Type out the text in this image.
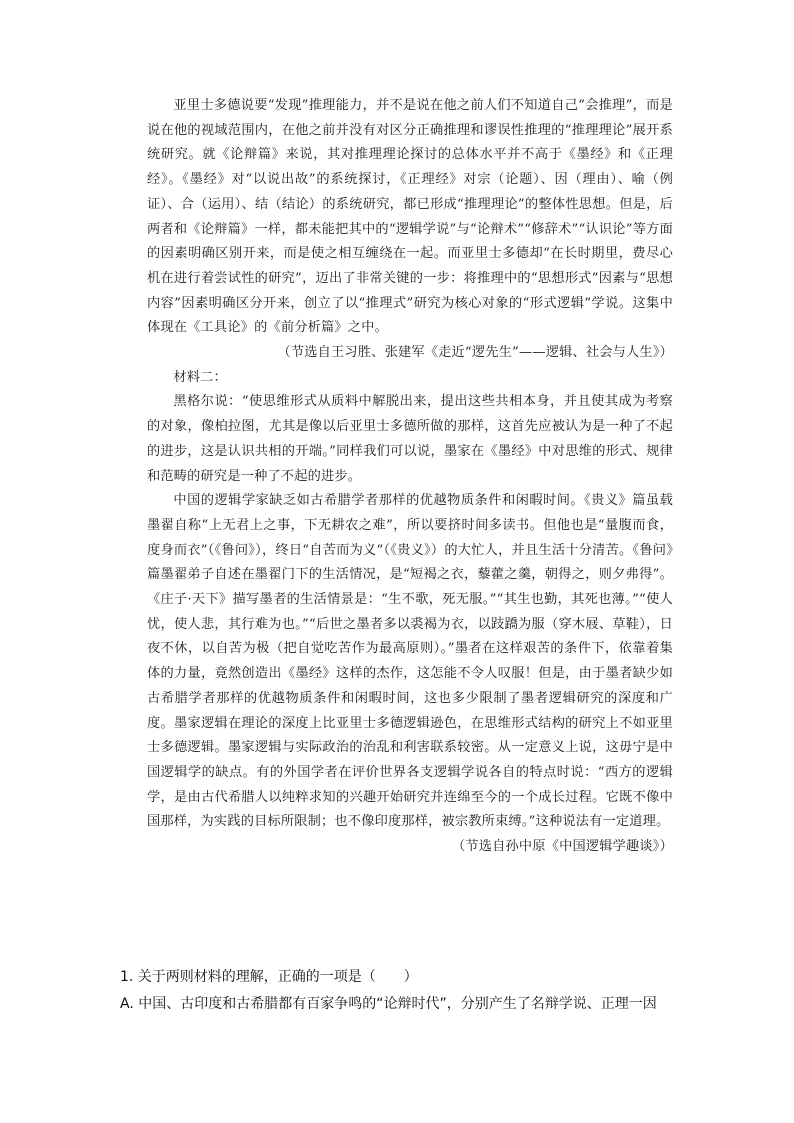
亚里士多德说要“发现”推理能力，并不是说在他之前人们不知道自己“会推理”，而是说在他的视域范围内，在他之前并没有对区分正确推理和谬误性推理的“推理理论”展开系统研究。就《论辩篇》来说，其对推理理论探讨的总体水平并不高于《墨经》和《正理经》。《墨经》对“以说出故”的系统探讨，《正理经》对宗（论题）、因（理由）、喻（例证）、合（运用）、结（结论）的系统研究，都已形成“推理理论”的整体性思想。但是，后两者和《论辩篇》一样，都未能把其中的“逻辑学说”与“论辩术”“修辞术”“认识论”等方面的因素明确区别开来，而是使之相互缠绕在一起。而亚里士多德却“在长时期里，费尽心机在进行着尝试性的研究”，迈出了非常关键的一步：将推理中的“思想形式”因素与“思想内容”因素明确区分开来，创立了以“推理式”研究为核心对象的“形式逻辑”学说。这集中体现在《工具论》的《前分析篇》之中。

（节选自王习胜、张建军《走近“逻先生”——逻辑、社会与人生》）

材料二：

黑格尔说：“使思维形式从质料中解脱出来，提出这些共相本身，并且使其成为考察的对象，像柏拉图，尤其是像以后亚里士多德所做的那样，这首先应被认为是一种了不起的进步，这是认识共相的开端。”同样我们可以说，墨家在《墨经》中对思维的形式、规律和范畴的研究是一种了不起的进步。

中国的逻辑学家缺乏如古希腊学者那样的优越物质条件和闲暇时间。《贵义》篇虽载墨翟自称“上无君上之事，下无耕农之难”，所以要挤时间多读书。但他也是“量腹而食，度身而衣”（《鲁问》），终日“自苦而为义”（《贵义》）的大忙人，并且生活十分清苦。《鲁问》篇墨翟弟子自述在墨翟门下的生活情况，是“短褐之衣，藜藿之羹，朝得之，则夕弗得”。《庄子·天下》描写墨者的生活情景是：“生不歌，死无服。”“其生也勤，其死也薄。”“使人忧，使人悲，其行难为也。”“后世之墨者多以裘褐为衣，以跂蹻为服（穿木屐、草鞋），日夜不休，以自苦为极（把自觉吃苦作为最高原则）。”墨者在这样艰苦的条件下，依靠着集体的力量，竟然创造出《墨经》这样的杰作，这怎能不令人叹服！但是，由于墨者缺少如古希腊学者那样的优越物质条件和闲暇时间，这也多少限制了墨者逻辑研究的深度和广度。墨家逻辑在理论的深度上比亚里士多德逻辑逊色，在思维形式结构的研究上不如亚里士多德逻辑。墨家逻辑与实际政治的治乱和利害联系较密。从一定意义上说，这毋宁是中国逻辑学的缺点。有的外国学者在评价世界各支逻辑学说各自的特点时说：“西方的逻辑学，是由古代希腊人以纯粹求知的兴趣开始研究并连绵至今的一个成长过程。它既不像中国那样，为实践的目标所限制；也不像印度那样，被宗教所束缚。”这种说法有一定道理。

（节选自孙中原《中国逻辑学趣谈》）

1. 关于两则材料的理解，正确的一项是（　　）
A. 中国、古印度和古希腊都有百家争鸣的“论辩时代”，分别产生了名辩学说、正理一因
